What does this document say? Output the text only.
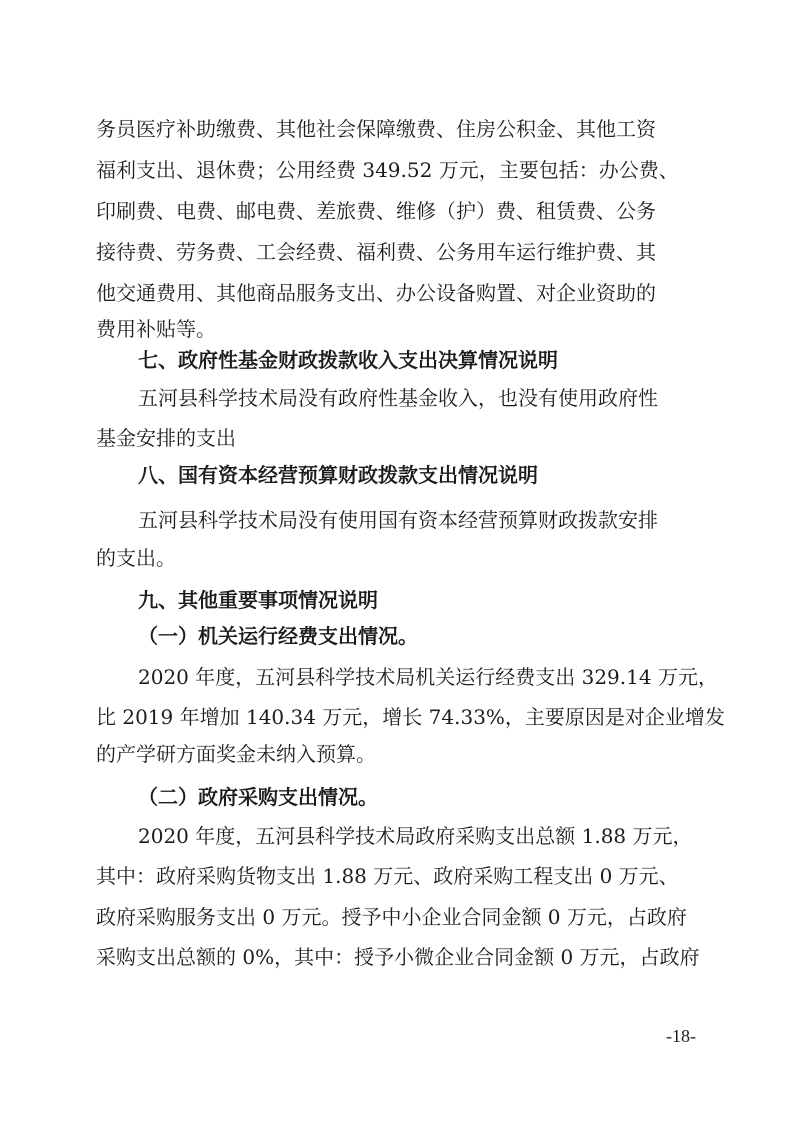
务员医疗补助缴费、其他社会保障缴费、住房公积金、其他工资
福利支出、退休费；公用经费 349.52 万元，主要包括：办公费、
印刷费、电费、邮电费、差旅费、维修（护）费、租赁费、公务
接待费、劳务费、工会经费、福利费、公务用车运行维护费、其
他交通费用、其他商品服务支出、办公设备购置、对企业资助的
费用补贴等。
七、政府性基金财政拨款收入支出决算情况说明
五河县科学技术局没有政府性基金收入，也没有使用政府性
基金安排的支出
八、国有资本经营预算财政拨款支出情况说明
五河县科学技术局没有使用国有资本经营预算财政拨款安排
的支出。
九、其他重要事项情况说明
（一）机关运行经费支出情况。
2020 年度，五河县科学技术局机关运行经费支出 329.14 万元，
比 2019 年增加 140.34 万元，增长 74.33%，主要原因是对企业增发
的产学研方面奖金未纳入预算。
（二）政府采购支出情况。
2020 年度，五河县科学技术局政府采购支出总额 1.88 万元，
其中：政府采购货物支出 1.88 万元、政府采购工程支出 0 万元、
政府采购服务支出 0 万元。授予中小企业合同金额 0 万元，占政府
采购支出总额的 0%，其中：授予小微企业合同金额 0 万元，占政府
-18-
